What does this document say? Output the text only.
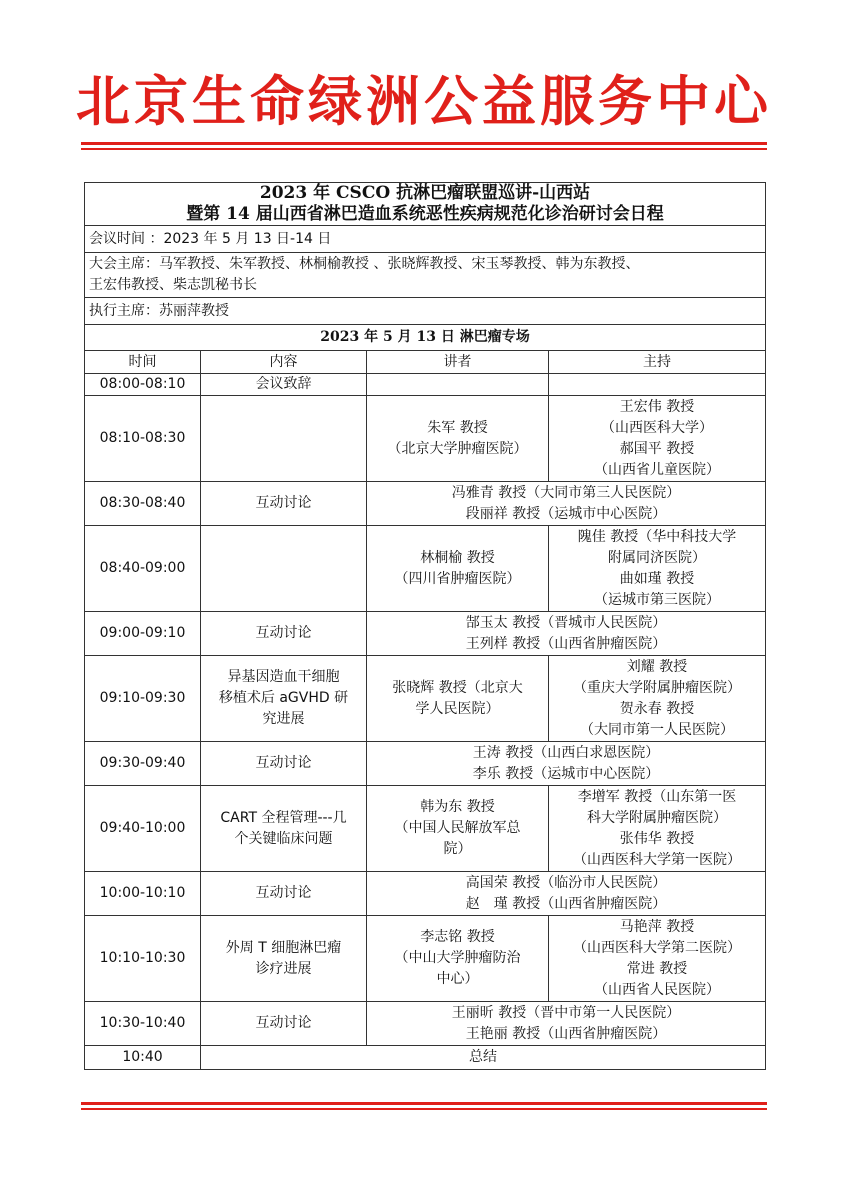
北京生命绿洲公益服务中心
2023 年 CSCO 抗淋巴瘤联盟巡讲-山西站
暨第 14 届山西省淋巴造血系统恶性疾病规范化诊治研讨会日程			

会议时间 ：2023 年 5 月 13 日-14 日			

大会主席：马军教授、朱军教授、林桐榆教授 、张晓辉教授、宋玉琴教授、韩为东教授、
王宏伟教授、柴志凯秘书长			

执行主席：苏丽萍教授			
2023 年 5 月 13 日 淋巴瘤专场			
时间	内容	讲者	主持
08:00-08:10	会议致辞		
08:10-08:30		朱军 教授
（北京大学肿瘤医院）	王宏伟 教授
（山西医科大学）
郝国平 教授
（山西省儿童医院）

08:30-08:40	互动讨论	冯雅青 教授（大同市第三人民医院）
段丽祥 教授（运城市中心医院）	

08:40-09:00		林桐榆 教授
（四川省肿瘤医院）	隗佳 教授（华中科技大学
附属同济医院）
曲如瑾 教授
（运城市第三医院）

09:00-09:10	互动讨论	郜玉太 教授（晋城市人民医院）
王列样 教授（山西省肿瘤医院）	

09:10-09:30	异基因造血干细胞
移植术后 aGVHD 研
究进展	张晓辉 教授（北京大
学人民医院）	刘耀 教授
（重庆大学附属肿瘤医院）
贺永春 教授
（大同市第一人民医院）

09:30-09:40	互动讨论	王涛 教授（山西白求恩医院）
李乐 教授（运城市中心医院）	

09:40-10:00	CART 全程管理---几
个关键临床问题	韩为东 教授
（中国人民解放军总
院）	李增军 教授（山东第一医
科大学附属肿瘤医院）
张伟华 教授
（山西医科大学第一医院）

10:00-10:10	互动讨论	高国荣 教授（临汾市人民医院）
赵　瑾 教授（山西省肿瘤医院）	

10:10-10:30	外周 T 细胞淋巴瘤
诊疗进展	李志铭 教授
（中山大学肿瘤防治
中心）	马艳萍 教授
（山西医科大学第二医院）
常进 教授
（山西省人民医院）

10:30-10:40	互动讨论	王丽昕 教授（晋中市第一人民医院）
王艳丽 教授（山西省肿瘤医院）	

10:40	总结		
